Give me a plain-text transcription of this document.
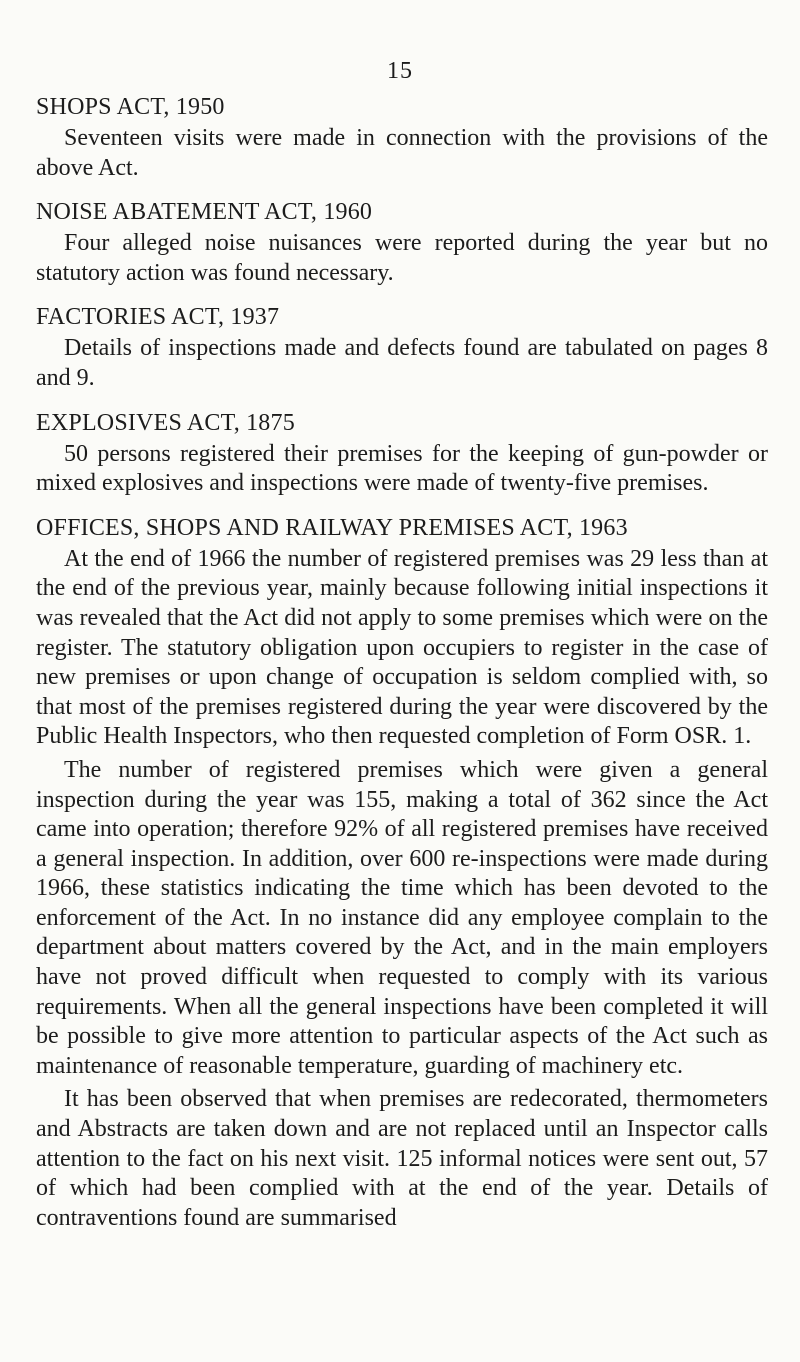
15

SHOPS ACT, 1950

Seventeen visits were made in connection with the provisions of the above Act.

NOISE ABATEMENT ACT, 1960

Four alleged noise nuisances were reported during the year but no statutory action was found necessary.

FACTORIES ACT, 1937

Details of inspections made and defects found are tabulated on pages 8 and 9.

EXPLOSIVES ACT, 1875

50 persons registered their premises for the keeping of gun-powder or mixed explosives and inspections were made of twenty-five premises.

OFFICES, SHOPS AND RAILWAY PREMISES ACT, 1963

At the end of 1966 the number of registered premises was 29 less than at the end of the previous year, mainly because following initial inspections it was revealed that the Act did not apply to some premises which were on the register. The statutory obligation upon occupiers to register in the case of new premises or upon change of occupation is seldom complied with, so that most of the premises registered during the year were discovered by the Public Health Inspectors, who then requested completion of Form OSR. 1.

The number of registered premises which were given a general inspection during the year was 155, making a total of 362 since the Act came into operation; therefore 92% of all registered premises have received a general inspection. In addition, over 600 re-inspections were made during 1966, these statistics indicating the time which has been devoted to the enforcement of the Act. In no instance did any employee complain to the department about matters covered by the Act, and in the main employers have not proved difficult when requested to comply with its various requirements. When all the general inspections have been completed it will be possible to give more attention to particular aspects of the Act such as maintenance of reasonable temperature, guarding of machinery etc.

It has been observed that when premises are redecorated, thermometers and Abstracts are taken down and are not replaced until an Inspector calls attention to the fact on his next visit. 125 informal notices were sent out, 57 of which had been complied with at the end of the year. Details of contraventions found are summarised
